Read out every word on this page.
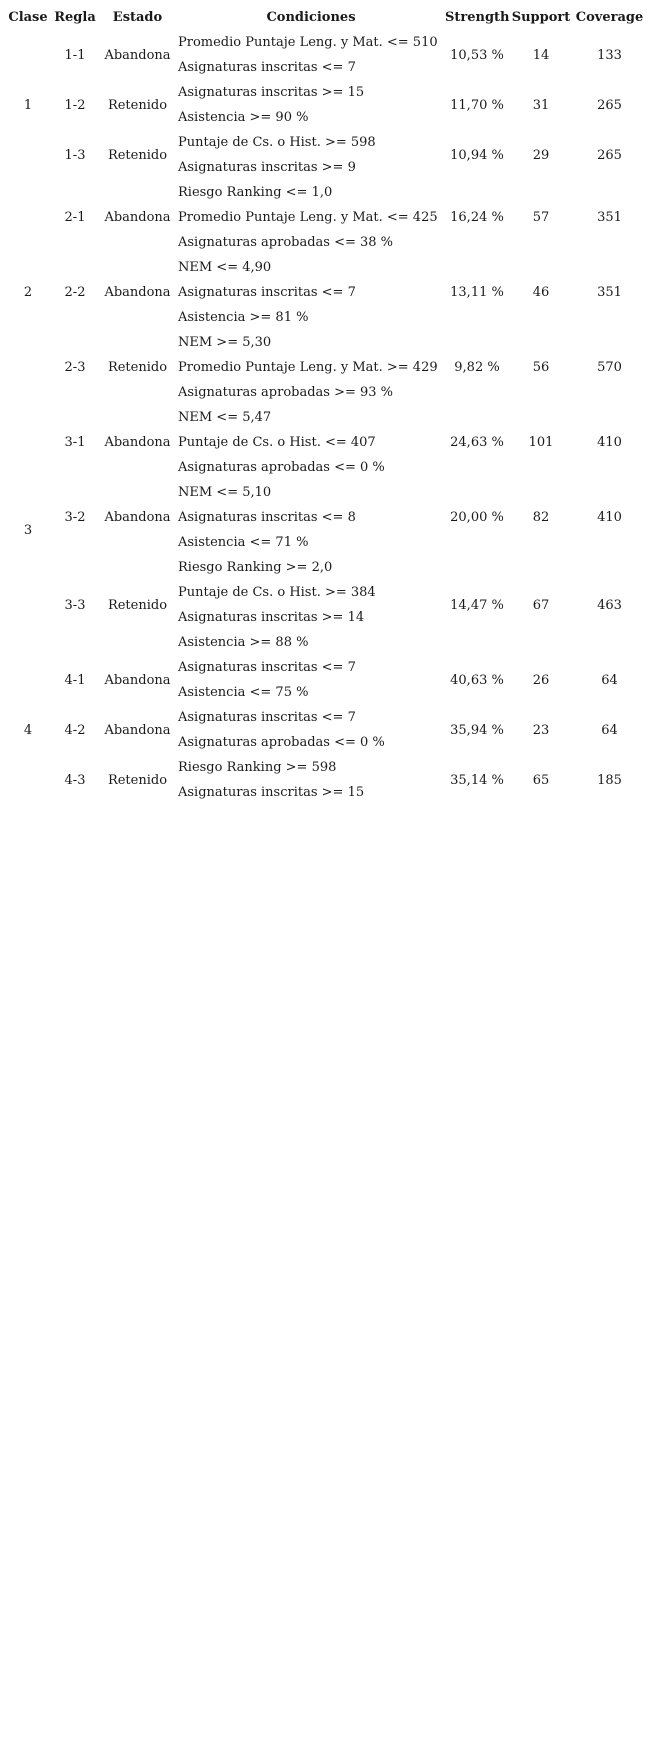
Clase	Regla	Estado	Condiciones	Strength	Support	Coverage
1	1-1	Abandona	Promedio Puntaje Leng. y Mat. <= 510
Asignaturas inscritas <= 7	10,53 %	14	133
	1-2	Retenido	Asignaturas inscritas >= 15
Asistencia >= 90 %	11,70 %	31	265
	1-3	Retenido	Puntaje de Cs. o Hist. >= 598
Asignaturas inscritas >= 9	10,94 %	29	265
2	2-1	Abandona	Riesgo Ranking <= 1,0
Promedio Puntaje Leng. y Mat. <= 425
Asignaturas aprobadas <= 38 %	16,24 %	57	351
	2-2	Abandona	NEM <= 4,90
Asignaturas inscritas <= 7
Asistencia >= 81 %	13,11 %	46	351
	2-3	Retenido	NEM >= 5,30
Promedio Puntaje Leng. y Mat. >= 429
Asignaturas aprobadas >= 93 %	9,82 %	56	570
3	3-1	Abandona	NEM <= 5,47
Puntaje de Cs. o Hist. <= 407
Asignaturas aprobadas <= 0 %	24,63 %	101	410
	3-2	Abandona	NEM <= 5,10
Asignaturas inscritas <= 8
Asistencia <= 71 %	20,00 %	82	410
	3-3	Retenido	Riesgo Ranking >= 2,0
Puntaje de Cs. o Hist. >= 384
Asignaturas inscritas >= 14
Asistencia >= 88 %	14,47 %	67	463
4	4-1	Abandona	Asignaturas inscritas <= 7
Asistencia <= 75 %	40,63 %	26	64
	4-2	Abandona	Asignaturas inscritas <= 7
Asignaturas aprobadas <= 0 %	35,94 %	23	64
	4-3	Retenido	Riesgo Ranking >= 598
Asignaturas inscritas >= 15	35,14 %	65	185
